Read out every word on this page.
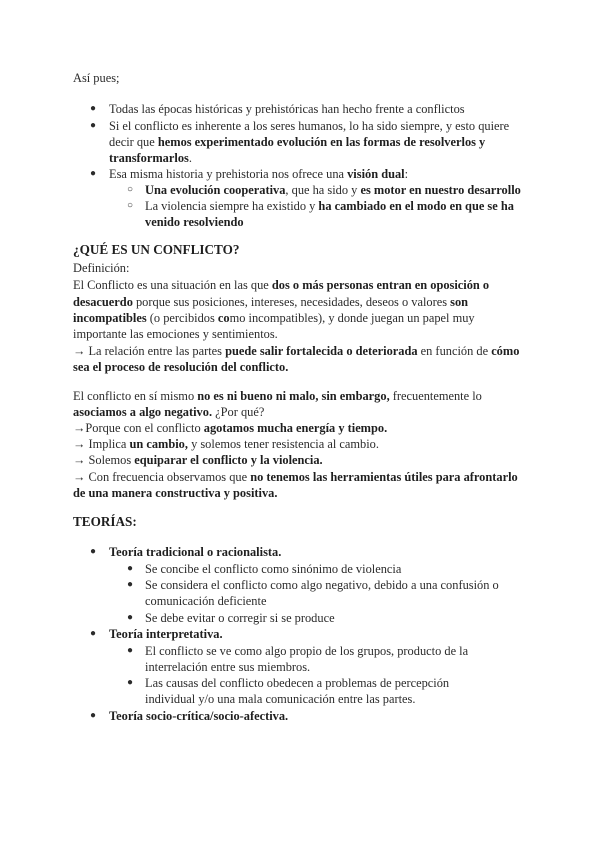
Así pues;
● Todas las épocas históricas y prehistóricas han hecho frente a conflictos
● Si el conflicto es inherente a los seres humanos, lo ha sido siempre, y esto quiere
decir que hemos experimentado evolución en las formas de resolverlos y
transformarlos.
● Esa misma historia y prehistoria nos ofrece una visión dual:
○ Una evolución cooperativa, que ha sido y es motor en nuestro desarrollo
○ La violencia siempre ha existido y ha cambiado en el modo en que se ha
venido resolviendo
¿QUÉ ES UN CONFLICTO?
Definición:
El Conflicto es una situación en las que dos o más personas entran en oposición o
desacuerdo porque sus posiciones, intereses, necesidades, deseos o valores son
incompatibles (o percibidos como incompatibles), y donde juegan un papel muy
importante las emociones y sentimientos.
→ La relación entre las partes puede salir fortalecida o deteriorada en función de cómo
sea el proceso de resolución del conflicto.
El conflicto en sí mismo no es ni bueno ni malo, sin embargo, frecuentemente lo
asociamos a algo negativo. ¿Por qué?
→Porque con el conflicto agotamos mucha energía y tiempo.
→ Implica un cambio, y solemos tener resistencia al cambio.
→ Solemos equiparar el conflicto y la violencia.
→ Con frecuencia observamos que no tenemos las herramientas útiles para afrontarlo
de una manera constructiva y positiva.
TEORÍAS:
● Teoría tradicional o racionalista.
● Se concibe el conflicto como sinónimo de violencia
● Se considera el conflicto como algo negativo, debido a una confusión o
comunicación deficiente
● Se debe evitar o corregir si se produce
● Teoría interpretativa.
● El conflicto se ve como algo propio de los grupos, producto de la
interrelación entre sus miembros.
● Las causas del conflicto obedecen a problemas de percepción
individual y/o una mala comunicación entre las partes.
● Teoría socio-crítica/socio-afectiva.
